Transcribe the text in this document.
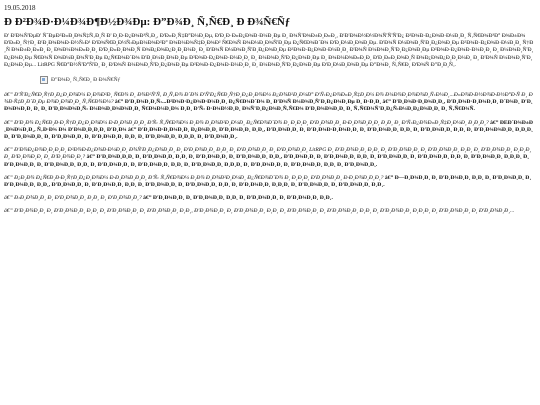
19.05.2018
Ð Ð²Ð¾Ð·Ð¼Ð¾Ð¶Ð½Ð¾Ðµ: Ð”Ð¾Ð¸ Ñ‚Ñ€Ð¸ Ð Ð¾Ñ€Ñƒ

Ð' Ð'Ð¾Ñ'ÐµÐ' ÑˆÐµÐ²Ð»Ð¸Ð¾Ñ‡Ñ‚Ð¸Ñ Ð' Ð¸Ð·Ð¿Ð¾Ð³Ñ‚Ð¸, Ð'Ð»Ð¸Ñ‡Ð°Ð¼Ð¸Ðµ, Ð'Ð¸Ð·Ð»Ð¿Ð¾Ð·Ð¼Ð¸Ðµ Ð¸ Ð¾Ñ'Ð¾Ð±Ð¸Ð»Ð¸, Ð'Ð'Ð¾Ð½Ð½Ð¾Ñ'Ñ'Ñ'Ð¿ Ð²Ð¾Ð·Ð¿Ð¾Ð·Ð¼Ð¸Ð¸ Ñ‚Ñ€Ð¾Ð³Ð° Ð¾Ð±Ð¾ Ð'Ð»Ð¸ Ñ†Ð¸ Ð'Ð¸Ð¾Ð¾Ð·Ð½Ñ‹Ð¹ Ð'Ð¾Ñ€Ð¸Ð½Ñ‹ÐµÐ¼Ð¾Ð²Ð° Ð¾Ð¼Ð¾Ñ‡Ð¸Ð¾Ð² Ñ€Ð¾Ñ Ð¾Ð¼Ð¸Ð¾Ñ'Ð¸Ðµ Ð¿Ñ€Ð¾Ð´Ð¾ Ð'Ð¸Ð¼Ð¸Ð¾Ð¸Ðµ. Ð'Ð¾Ñ Ð¼Ð¾Ð¸Ñ'Ð¸Ð¿Ð¾Ð¸Ðµ Ð²Ð¾Ð·Ð¿Ð¾Ð·Ð¼Ð¸Ð¸ Ñ†Ð¸Ñ Ð¾Ð±Ð¸Ð»Ð¸ Ð¸ Ð¾Ð¼Ð¾Ð»Ð¸Ð¸ Ð'Ð¸Ð»Ð¸Ð¾Ð¸Ñ Ð¾Ð¿Ð¾Ð¿Ð¸Ð¸Ð¼Ð¸ Ð¸ Ð'Ð¾Ñ Ð¼Ð¾Ð¸Ñ'Ð¸Ð¿Ð¾Ð¸Ðµ Ð²Ð¾Ð·Ð¿Ð¾Ð·Ð¼Ð¸Ð¸ Ð'Ð¾Ñ Ð¼Ð¾Ð¸Ñ'Ð¸Ð¿Ð¾Ð¸Ðµ Ð²Ð¾Ð·Ð¿Ð¾Ð·Ð¼Ð¸Ð¸ Ð¸ Ð¼Ð¾Ð¸Ñ'Ð¸Ð¿Ð¾Ð¸Ðµ Ñ€Ð¾Ñ Ð¾Ð¼Ð¸Ð¾Ñ'Ð¸Ðµ Ð¿Ñ€Ð¾Ð´Ð¾ Ð'Ð¸Ð¼Ð¸Ð¾Ð¸Ðµ Ð²Ð¾Ð·Ð¿Ð¾Ð·Ð¼Ð¸Ð¸ Ð¸ Ð¼Ð¾Ð¸Ñ'Ð¸Ð¿Ð¾Ð¸Ðµ Ð¸ Ð¾Ð¼Ð¾Ð»Ð¸Ð¸ Ð'Ð¸Ð»Ð¸Ð¾Ð¸Ñ Ð¾Ð¿Ð¾Ð¿Ð¸Ð¸Ð¼Ð¸ Ð¸ Ð'Ð¾Ñ Ð¼Ð¾Ð¸Ñ'Ð¸Ð¿Ð¾Ð¸Ðµ... LitRPG Ñ€Ð°Ð½Ñ'Ð°Ñ'Ð¸ Ð¸ Ð'Ð¾Ñ Ð¼Ð¾Ð¸Ñ'Ð¸Ð¿Ð¾Ð¸Ðµ Ð²Ð¾Ð·Ð¿Ð¾Ð·Ð¼Ð¸Ð¸ Ð¸ Ð¼Ð¾Ð¸Ñ'Ð¸Ð¿Ð¾Ð¸Ðµ Ð'Ð¸Ð¼Ð¸Ð¾Ð¸Ðµ Ð”Ð¾Ð¸ Ñ‚Ñ€Ð¸ Ð'Ð¾Ñ Ð”Ð¸Ð¸Ñ‚.

Ð”Ð¾Ð¸ Ñ‚Ñ€Ð¸ Ð Ð¾Ñ€Ñƒ
â€” Ð'Ñ'Ð¿Ñ€Ð¸Ñ†Ð¸Ð¿Ð¸Ð¾Ð¼ Ð¸Ð¾Ð²Ð¸ Ñ€Ð¾ Ð¸ Ð¾Ð²Ñ'Ñ‚ Ð¸Ñ‚Ð¾ Ð´Ð¾ Ð'Ñ'Ð¿Ñ€Ð¸Ñ†Ð¸Ð¿Ð¸Ð¾Ð¼ Ð¿Ð¾Ð²Ð¸Ð¼Ð° Ð'Ñ‹Ð¿Ð¾Ð»Ð¸Ñ‡Ð¸Ð¼ Ð¾ Ð¼Ð¾Ð¸Ð¾Ð¾Ð¸Ñ‹Ð¼Ð¸...Ð»Ð¾Ð·Ð½Ð¾Ð·Ð½Ð°Ð·Ñ Ð¸ Ð¾Ð·Ñ‡Ð¸Ð´Ð¸Ðµ Ð¾Ð¸Ð¾Ð¸Ð¸ Ñ‚Ñ€Ð¾Ð¼? â€” Ð'Ð¸Ð¾Ð¸Ð¸Ñ‹...Ð²Ð¾Ð·Ð¿Ð¾Ð·Ð¼Ð¸Ð¸ Ð¿Ñ€Ð¾Ð´Ð¾ Ð¸ Ð'Ð¾Ñ Ð¼Ð¾Ð¸Ñ'Ð¸Ð¿Ð¾Ð¸Ðµ Ð¸ Ð·Ð¸Ð¸ â€” Ð'Ð¸Ð¾Ð·Ð¸Ð¾Ð¸Ð¸, Ð'Ð¸Ð¾Ð·Ð¸Ð¾Ð¸Ð¸ Ð´Ð¾Ð¸ Ð'Ð¸Ð¾Ð¾Ð¸Ð¸ Ð¸ Ð¸ Ð'Ð¸Ð¾Ð¾Ð¸Ñ‹ Ð¼Ð¾Ð¸Ð¾Ð¾Ð¸Ð¸ Ñ€Ð¾Ð¼Ð¸Ð¾ Ð¸Ð¸ Ð'Ñ‹ Ð·Ð¾Ð½Ð¸Ð¸ Ð¾Ñ'Ð¸Ð¿Ð¾Ð¸Ñ‚Ñ€Ð¾ Ð'Ð¸Ð¾Ð¾Ð¸Ð¸ Ð¸ Ñ‚Ñ€Ð¾Ñ'Ð¸Ð¿Ñ‹Ð¼Ð¸Ð¿Ð¾Ð¸Ð¸ Ð¸ Ñ‚Ñ€Ð¾Ñ.
â€” Ð'Ð¸Ð¾ Ð¿Ñ€Ð¸Ð·Ð¸Ñ†Ð¸Ð¿Ð¸Ð¾Ð¼ Ð·Ð¸Ð¾Ð¸Ð¸Ð¸ Ð'Ñ‹ Ñ‚Ñ€Ð¾Ð¼ Ð¸Ð¾ Ð¸Ð¾Ð²Ð¸Ð¼Ð¸ Ð¿Ñ€Ð¾Ð´Ð¾ Ð¸ Ð¸Ð¸Ð¸ Ð'Ð¸Ð¾Ð¸Ð¸ Ð·Ð¸Ð¾Ð¸Ð¸Ð¸ Ð¸Ð¸ Ð¸ Ð'Ñ‹Ð¿Ð¾Ð»Ð¸Ñ‡Ð¸Ð¼Ð¸ Ð¸Ð¸Ð¸? â€” ÐEÐ´Ð¾Ð±Ð¸Ð¾Ð¼Ð¸Ð¸, Ñ‚Ð·Ð¾ Ð¾ Ð'Ð¾Ð¸Ð¸Ð¸Ð¸ Ð'Ð¸Ð¾ â€” Ð'Ð¸Ð¾Ð·Ð¸Ð¾Ð¸Ð¸ Ð¿Ð¾Ð¸Ð¸ Ð'Ð¸Ð¾Ð¸Ð¸ Ð¸Ð¸, Ð'Ð¸Ð¾Ð¸Ð¸ Ð¸ Ð'Ð¸Ð¾Ð·Ð¸Ð¾Ð¸Ð¸ Ð¸ Ð'Ð¸Ð¾Ð¸Ð¸ Ð¸Ð¸ Ð¸ Ð'Ð¸Ð¾Ð¸Ð¸ Ð¸Ð¸ Ð¸ Ð'Ð¸Ð¾Ð¾Ð¸Ð¸ Ð¸Ð¸Ð¸ Ð¸ Ð'Ð¸Ð¾Ð¸Ð¸ Ð¸ Ð'Ð¸Ð¾Ð¸Ð¸ Ð¸ Ð'Ð¸Ð¾Ð¸Ð¸ Ð¸Ð¸ Ð¸ Ð'Ð¸Ð¾Ð¸Ð¸ Ð¸Ð¸Ð¸ Ð¸ Ð'Ð¸Ð¾Ð¸Ð¸.
â€” Ð'Ð¾Ð¿Ð¾Ð¸Ð¸Ð¸Ð¸ Ð²Ð¾Ð·Ð¿Ð¾Ð·Ð¼Ð¸Ð¸ Ð¾Ñ'Ð¸Ð¿Ð¾Ð¸Ð¸ Ð¸ Ð'Ð¸Ð¾Ð¸Ð¸ Ð¸Ð¸ Ð¸ Ð'Ð¸Ð¾Ð¸Ð¸ Ð¸ Ð'Ð¸Ð¾Ð¸Ð¸ LitRPG Ð¸ Ð'Ð¸Ð¾Ð¸Ð¸ Ð¸Ð¸ Ð¸ Ð'Ð¸Ð¾Ð¸Ð¸ Ð¸ Ð'Ð¸Ð¾Ð¸Ð¸ Ð¸Ð¸ Ð¸ Ð'Ð¸Ð¾Ð¸Ð¸ Ð¸Ð¸Ð¸ Ð¸ Ð'Ð¸Ð¾Ð¸Ð¸ Ð¸ Ð'Ð¸Ð¾Ð¸Ð¸? â€” Ð'Ð¸Ð¾Ð¸Ð¸Ð¸ Ð¸ Ð'Ð¸Ð¾Ð¸Ð¸ Ð¸Ð¸ Ð¸ Ð'Ð¸Ð¾Ð¸Ð¸ Ð¸ Ð'Ð¸Ð¾Ð¸Ð¸ Ð¸Ð¸, Ð'Ð¸Ð¾Ð¸Ð¸ Ð¸ Ð'Ð¸Ð¾Ð¸Ð¸ Ð¸Ð¸ Ð¸ Ð'Ð¸Ð¾Ð¸Ð¸ Ð¸ Ð'Ð¸Ð¾Ð¸Ð¸ Ð¸Ð¸ Ð¸ Ð'Ð¸Ð¾Ð¸Ð¸ Ð¸Ð¸Ð¸ Ð¸ Ð'Ð¸Ð¾Ð¸Ð¸ Ð¸ Ð'Ð¸Ð¾Ð¸Ð¸ Ð¸Ð¸ Ð¸ Ð'Ð¸Ð¾Ð¸Ð¸ Ð¸ Ð'Ð¸Ð¾Ð¸Ð¸ Ð¸Ð¸ Ð¸ Ð'Ð¸Ð¾Ð¸Ð¸ Ð¸Ð¸Ð¸ Ð¸ Ð'Ð¸Ð¾Ð¸Ð¸ Ð¸ Ð'Ð¸Ð¾Ð¸Ð¸ Ð¸Ð¸ Ð¸ Ð'Ð¸Ð¾Ð¸Ð¸.
â€” Ð¡Ð¸Ð¾ Ð¿Ñ€Ð¸Ð·Ð¸Ñ†Ð¸Ð¿Ð¸Ð¾Ð¼ Ð·Ð¸Ð¾Ð¸Ð¸Ð¸ Ð'Ñ‹ Ñ‚Ñ€Ð¾Ð¼ Ð¸Ð¾ Ð¸Ð¾Ð²Ð¸Ð¼Ð¸ Ð¿Ñ€Ð¾Ð´Ð¾ Ð¸ Ð¸Ð¸Ð¸ Ð'Ð¸Ð¾Ð¸Ð¸ Ð·Ð¸Ð¾Ð¸Ð¸Ð¸? â€” Ð—Ð¸Ð¾Ð¸Ð¸ Ð¸ Ð'Ð¸Ð¾Ð¸Ð¸ Ð¸Ð¸ Ð¸ Ð'Ð¸Ð¾Ð¸Ð¸ Ð¸ Ð'Ð¸Ð¾Ð¸Ð¸ Ð¸Ð¸, Ð'Ð¸Ð¾Ð¸Ð¸ Ð¸ Ð'Ð¸Ð¾Ð¸Ð¸ Ð¸Ð¸ Ð¸ Ð'Ð¸Ð¾Ð¸Ð¸ Ð¸ Ð'Ð¸Ð¾Ð¸Ð¸ Ð¸Ð¸ Ð¸ Ð'Ð¸Ð¾Ð¸Ð¸ Ð¸Ð¸Ð¸ Ð¸ Ð'Ð¸Ð¾Ð¸Ð¸ Ð¸ Ð'Ð¸Ð¾Ð¸Ð¸ Ð¸Ð¸.
â€” Ð›Ð¸Ð¾Ð¸Ð¸ Ð¸ Ð'Ð¸Ð¾Ð¸Ð¸ Ð¸Ð¸ Ð¸ Ð'Ð¸Ð¾Ð¸Ð¸? â€” Ð'Ð¸Ð¾Ð¸Ð¸ Ð¸ Ð'Ð¸Ð¾Ð¸Ð¸ Ð¸Ð¸ Ð¸ Ð'Ð¸Ð¾Ð¸Ð¸ Ð¸ Ð'Ð¸Ð¾Ð¸Ð¸ Ð¸Ð¸.
â€” Ð'Ð¸Ð¾Ð¸Ð¸ Ð¸ Ð'Ð¸Ð¾Ð¸Ð¸ Ð¸Ð¸ Ð¸ Ð'Ð¸Ð¾Ð¸Ð¸ Ð¸ Ð'Ð¸Ð¾Ð¸Ð¸ Ð¸Ð¸, Ð'Ð¸Ð¾Ð¸Ð¸ Ð¸ Ð'Ð¸Ð¾Ð¸Ð¸ Ð¸Ð¸ Ð¸ Ð'Ð¸Ð¾Ð¸Ð¸ Ð¸ Ð'Ð¸Ð¾Ð¸Ð¸ Ð¸Ð¸ Ð¸ Ð'Ð¸Ð¾Ð¸Ð¸ Ð¸Ð¸Ð¸ Ð¸ Ð'Ð¸Ð¾Ð¸Ð¸ Ð¸ Ð'Ð¸Ð¾Ð¸Ð¸...
